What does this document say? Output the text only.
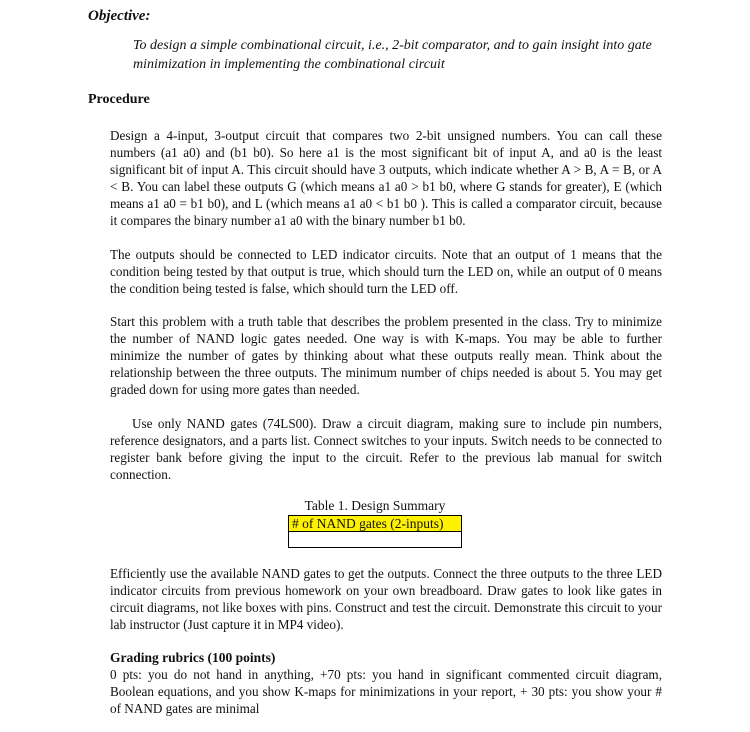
Objective:
To design a simple combinational circuit, i.e., 2-bit comparator, and to gain insight into gate minimization in implementing the combinational circuit
Procedure
Design a 4-input, 3-output circuit that compares two 2-bit unsigned numbers. You can call these numbers (a1 a0) and (b1 b0). So here a1 is the most significant bit of input A, and a0 is the least significant bit of input A. This circuit should have 3 outputs, which indicate whether A > B, A = B, or A < B. You can label these outputs G (which means a1 a0 > b1 b0, where G stands for greater), E (which means a1 a0 = b1 b0), and L (which means a1 a0 < b1 b0 ). This is called a comparator circuit, because it compares the binary number a1 a0 with the binary number b1 b0.
The outputs should be connected to LED indicator circuits. Note that an output of 1 means that the condition being tested by that output is true, which should turn the LED on, while an output of 0 means the condition being tested is false, which should turn the LED off.
Start this problem with a truth table that describes the problem presented in the class. Try to minimize the number of NAND logic gates needed. One way is with K-maps. You may be able to further minimize the number of gates by thinking about what these outputs really mean. Think about the relationship between the three outputs. The minimum number of chips needed is about 5. You may get graded down for using more gates than needed.
Use only NAND gates (74LS00). Draw a circuit diagram, making sure to include pin numbers, reference designators, and a parts list. Connect switches to your inputs. Switch needs to be connected to register bank before giving the input to the circuit. Refer to the previous lab manual for switch connection.
Table 1. Design Summary
# of NAND gates (2-inputs)

Efficiently use the available NAND gates to get the outputs. Connect the three outputs to the three LED indicator circuits from previous homework on your own breadboard. Draw gates to look like gates in circuit diagrams, not like boxes with pins. Construct and test the circuit. Demonstrate this circuit to your lab instructor (Just capture it in MP4 video).
Grading rubrics (100 points)
0 pts: you do not hand in anything, +70 pts: you hand in significant commented circuit diagram, Boolean equations, and you show K-maps for minimizations in your report, + 30 pts: you show your # of NAND gates are minimal
